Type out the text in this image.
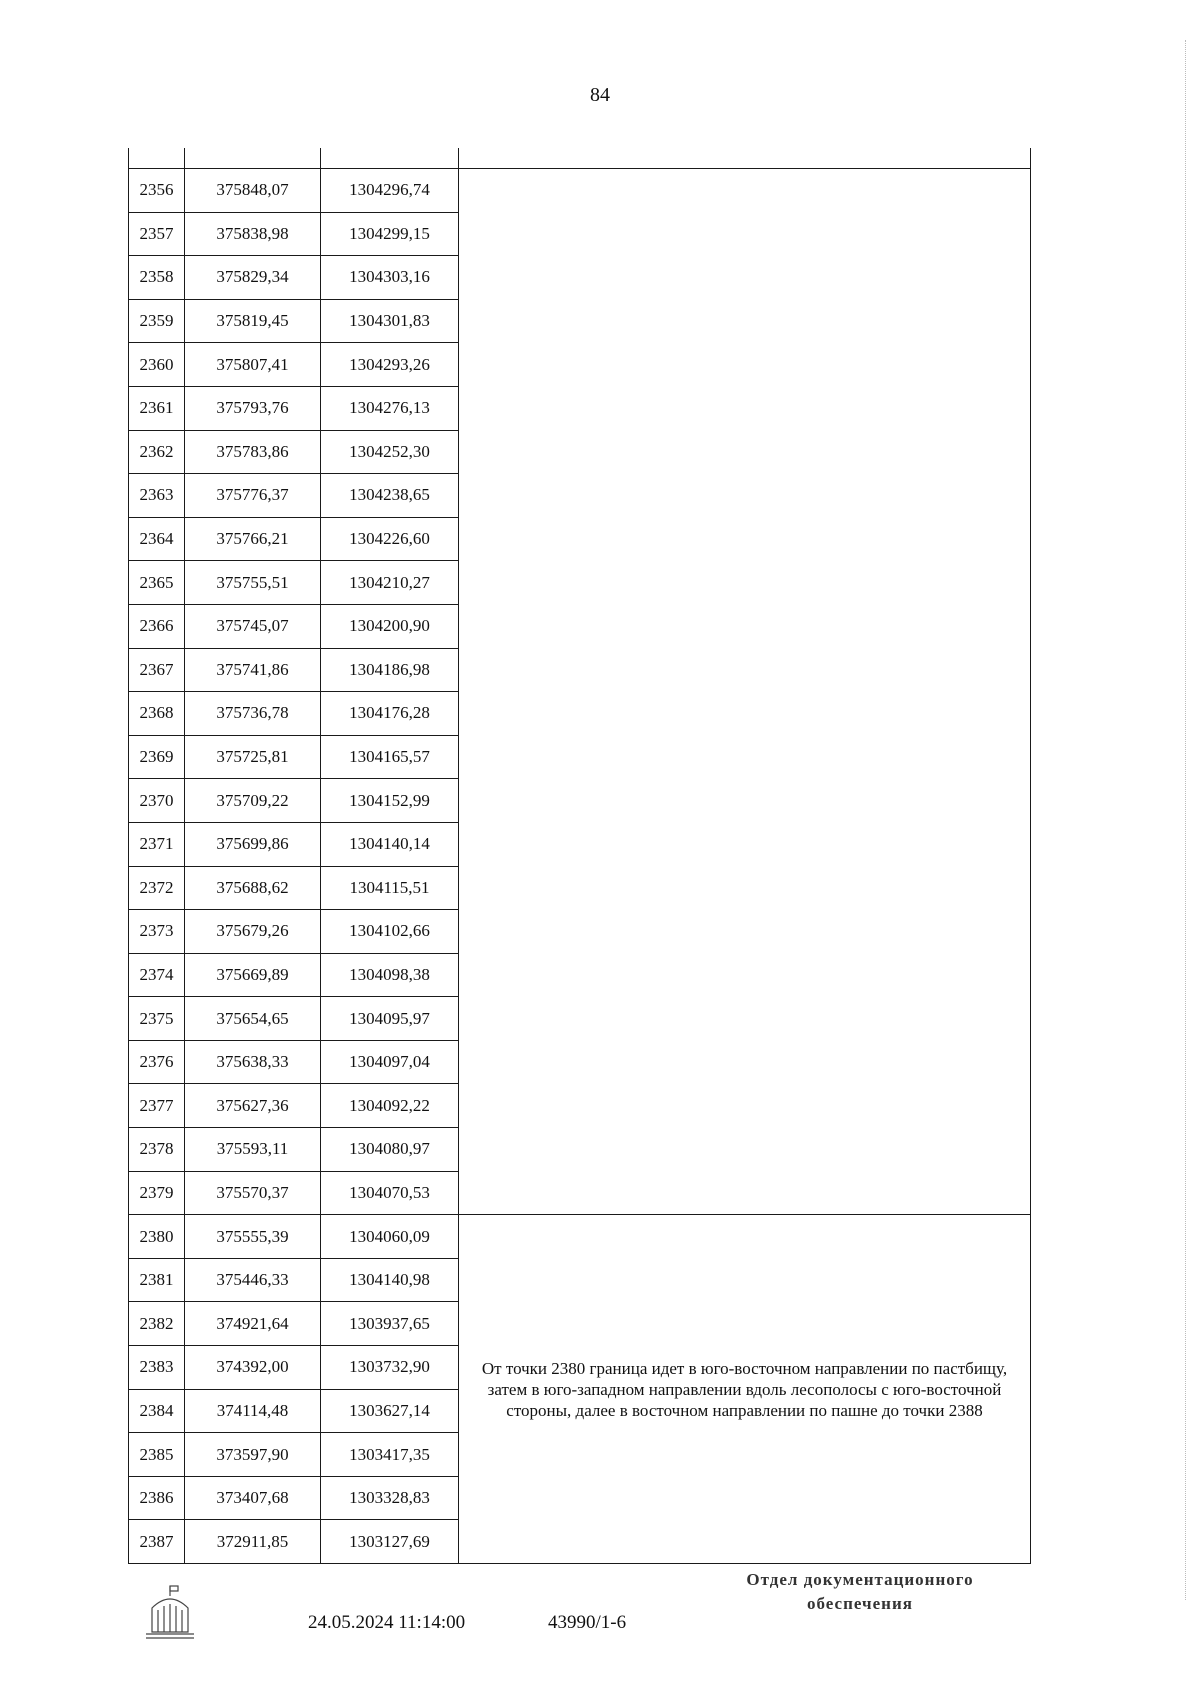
84

2356	375848,07	1304296,74	
2357	375838,98	1304299,15	
2358	375829,34	1304303,16	
2359	375819,45	1304301,83	
2360	375807,41	1304293,26	
2361	375793,76	1304276,13	
2362	375783,86	1304252,30	
2363	375776,37	1304238,65	
2364	375766,21	1304226,60	
2365	375755,51	1304210,27	
2366	375745,07	1304200,90	
2367	375741,86	1304186,98	
2368	375736,78	1304176,28	
2369	375725,81	1304165,57	
2370	375709,22	1304152,99	
2371	375699,86	1304140,14	
2372	375688,62	1304115,51	
2373	375679,26	1304102,66	
2374	375669,89	1304098,38	
2375	375654,65	1304095,97	
2376	375638,33	1304097,04	
2377	375627,36	1304092,22	
2378	375593,11	1304080,97	
2379	375570,37	1304070,53	
2380	375555,39	1304060,09	От точки 2380 граница идет в юго-восточном направлении по пастбищу, затем в юго-западном направлении вдоль лесополосы с юго-восточной стороны, далее в восточном направлении по пашне до точки 2388
2381	375446,33	1304140,98	
2382	374921,64	1303937,65	
2383	374392,00	1303732,90	
2384	374114,48	1303627,14	
2385	373597,90	1303417,35	
2386	373407,68	1303328,83	
2387	372911,85	1303127,69	
24.05.2024 11:14:00	43990/1-6
Отдел документационного обеспечения
